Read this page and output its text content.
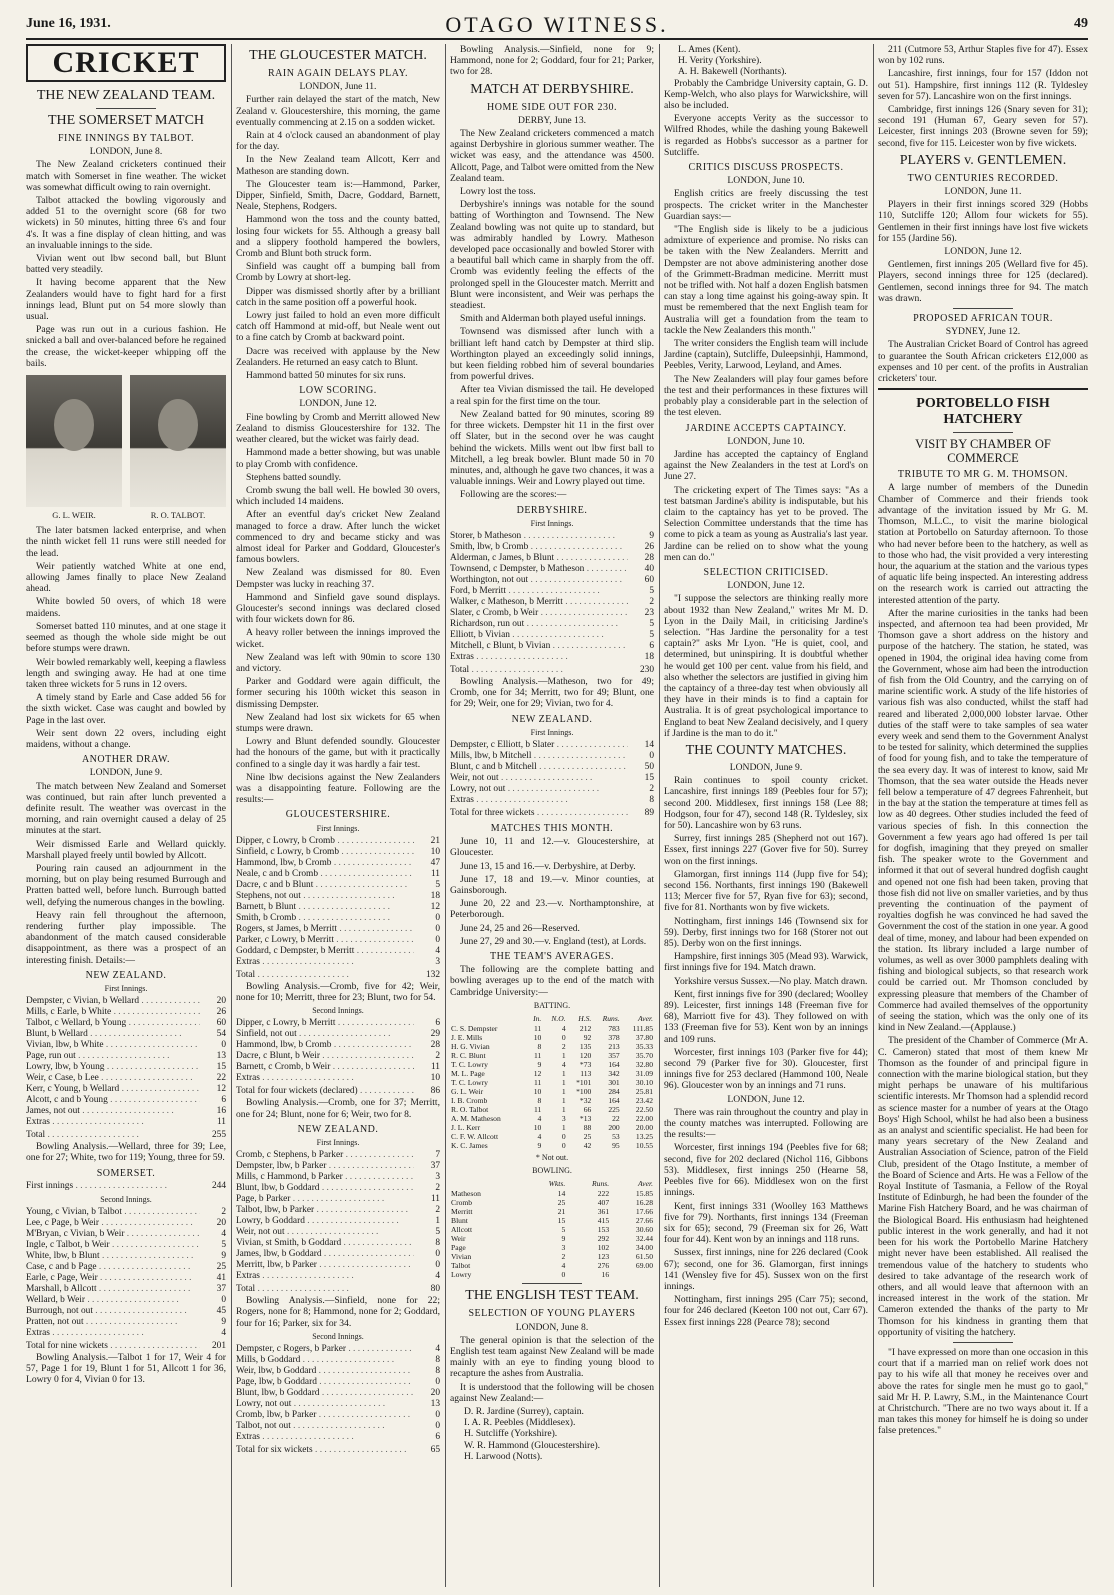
June 16, 1931.	OTAGO WITNESS.	49
CRICKET
THE NEW ZEALAND TEAM.
THE SOMERSET MATCH
FINE INNINGS BY TALBOT.
LONDON, June 8.

The New Zealand cricketers continued their match with Somerset in fine weather. The wicket was somewhat difficult owing to rain overnight.

Talbot attacked the bowling vigorously and added 51 to the overnight score (68 for two wickets) in 50 minutes, hitting three 6's and four 4's. It was a fine display of clean hitting, and was an invaluable innings to the side.

Vivian went out lbw second ball, but Blunt batted very steadily.

It having become apparent that the New Zealanders would have to fight hard for a first innings lead, Blunt put on 54 more slowly than usual.

Page was run out in a curious fashion. He snicked a ball and over-balanced before he regained the crease, the wicket-keeper whipping off the bails.

G. L. WEIR.	R. O. TALBOT.

The later batsmen lacked enterprise, and when the ninth wicket fell 11 runs were still needed for the lead.

Weir patiently watched White at one end, allowing James finally to place New Zealand ahead.

White bowled 50 overs, of which 18 were maidens.

Somerset batted 110 minutes, and at one stage it seemed as though the whole side might be out before stumps were drawn.

Weir bowled remarkably well, keeping a flawless length and swinging away. He had at one time taken three wickets for 5 runs in 12 overs.

A timely stand by Earle and Case added 56 for the sixth wicket. Case was caught and bowled by Page in the last over.

Weir sent down 22 overs, including eight maidens, without a change.

ANOTHER DRAW.
LONDON, June 9.

The match between New Zealand and Somerset was continued, but rain after lunch prevented a definite result. The weather was overcast in the morning, and rain overnight caused a delay of 25 minutes at the start.

Weir dismissed Earle and Wellard quickly. Marshall played freely until bowled by Allcott.

Pouring rain caused an adjournment in the morning, but on play being resumed Burrough and Pratten batted well, before lunch. Burrough batted well, defying the numerous changes in the bowling.

Heavy rain fell throughout the afternoon, rendering further play impossible. The abandonment of the match caused considerable disappointment, as there was a prospect of an interesting finish. Details:—

NEW ZEALAND.
First Innings.
Dempster, c Vivian, b Wellard . . .	20
Mills, c Earle, b White . . .	26
Talbot, c Wellard, b Young . . .	60
Blunt, b Wellard . . .	54
Vivian, lbw, b White . . .	0
Page, run out . . .	13
Lowry, lbw, b Young . . .	15
Weir, c Case, b Lee . . .	22
Kerr, c Young, b Wellard . . .	12
Alcott, c and b Young . . .	6
James, not out . . .	16
Extras . . .	11
Total . . .	255

Bowling Analysis.—Wellard, three for 39; Lee, one for 27; White, two for 119; Young, three for 59.

SOMERSET.
First innings . . .	244
Second Innings.
Young, c Vivian, b Talbot . . .	2
Lee, c Page, b Weir . . .	20
M'Bryan, c Vivian, b Weir . . .	4
Ingle, c Talbot, b Weir . . .	5
White, lbw, b Blunt . . .	9
Case, c and b Page . . .	25
Earle, c Page, Weir . . .	41
Marshall, b Allcott . . .	37
Wellard, b Weir . . .	0
Burrough, not out . . .	45
Pratten, not out . . .	9
Extras . . .	4
Total for nine wickets . . .	201

Bowling Analysis.—Talbot 1 for 17, Weir 4 for 57, Page 1 for 19, Blunt 1 for 51, Allcott 1 for 36, Lowry 0 for 4, Vivian 0 for 13.

THE GLOUCESTER MATCH.
RAIN AGAIN DELAYS PLAY.
LONDON, June 11.

Further rain delayed the start of the match, New Zealand v. Gloucestershire, this morning, the game eventually commencing at 2.15 on a sodden wicket.

Rain at 4 o'clock caused an abandonment of play for the day.

In the New Zealand team Allcott, Kerr and Matheson are standing down.

The Gloucester team is:—Hammond, Parker, Dipper, Sinfield, Smith, Dacre, Goddard, Barnett, Neale, Stephens, Rodgers.

Hammond won the toss and the county batted, losing four wickets for 55. Although a greasy ball and a slippery foothold hampered the bowlers, Cromb and Blunt both struck form.

Sinfield was caught off a bumping ball from Cromb by Lowry at short-leg.

Dipper was dismissed shortly after by a brilliant catch in the same position off a powerful hook.

Lowry just failed to hold an even more difficult catch off Hammond at mid-off, but Neale went out to a fine catch by Cromb at backward point.

Dacre was received with applause by the New Zealanders. He returned an easy catch to Blunt.

Hammond batted 50 minutes for six runs.

LOW SCORING.
LONDON, June 12.

Fine bowling by Cromb and Merritt allowed New Zealand to dismiss Gloucestershire for 132. The weather cleared, but the wicket was fairly dead.

Hammond made a better showing, but was unable to play Cromb with confidence.

Stephens batted soundly.

Cromb swung the ball well. He bowled 30 overs, which included 14 maidens.

After an eventful day's cricket New Zealand managed to force a draw. After lunch the wicket commenced to dry and became sticky and was almost ideal for Parker and Goddard, Gloucester's famous bowlers.

New Zealand was dismissed for 80. Even Dempster was lucky in reaching 37.

Hammond and Sinfield gave sound displays. Gloucester's second innings was declared closed with four wickets down for 86.

A heavy roller between the innings improved the wicket.

New Zealand was left with 90min to score 130 and victory.

Parker and Goddard were again difficult, the former securing his 100th wicket this season in dismissing Dempster.

New Zealand had lost six wickets for 65 when stumps were drawn.

Lowry and Blunt defended soundly. Gloucester had the honours of the game, but with it practically confined to a single day it was hardly a fair test.

Nine lbw decisions against the New Zealanders was a disappointing feature. Following are the results:—

GLOUCESTERSHIRE.
First Innings.
Dipper, c Lowry, b Cromb . . .	21
Sinfield, c Lowry, b Cromb . . .	10
Hammond, lbw, b Cromb . . .	47
Neale, c and b Cromb . . .	11
Dacre, c and b Blunt . . .	5
Stephens, not out . . .	18
Barnett, b Blunt . . .	12
Smith, b Cromb . . .	0
Rogers, st James, b Merritt . . .	0
Parker, c Lowry, b Merritt . . .	0
Goddard, c Dempster, b Merritt . . .	4
Extras . . .	3
Total . . .	132

Bowling Analysis.—Cromb, five for 42; Weir, none for 10; Merritt, three for 23; Blunt, two for 54.

Second Innings.
Dipper, c Lowry, b Merritt . . .	6
Sinfield, not out . . .	29
Hammond, lbw, b Cromb . . .	28
Dacre, c Blunt, b Weir . . .	2
Barnett, c Cromb, b Weir . . .	11
Extras . . .	10
Total for four wickets (declared) . . .	86

Bowling Analysis.—Cromb, one for 37; Merritt, one for 24; Blunt, none for 6; Weir, two for 8.

NEW ZEALAND.
First Innings.
Cromb, c Stephens, b Parker . . .	7
Dempster, lbw, b Parker . . .	37
Mills, c Hammond, b Parker . . .	3
Blunt, lbw, b Goddard . . .	2
Page, b Parker . . .	11
Talbot, lbw, b Parker . . .	2
Lowry, b Goddard . . .	1
Weir, not out . . .	5
Vivian, st Smith, b Goddard . . .	8
James, lbw, b Goddard . . .	0
Merritt, lbw, b Parker . . .	0
Extras . . .	4
Total . . .	80

Bowling Analysis.—Sinfield, none for 22; Rogers, none for 8; Hammond, none for 2; Goddard, four for 16; Parker, six for 34.

Second Innings.
Dempster, c Rogers, b Parker . . .	4
Mills, b Goddard . . .	8
Weir, lbw, b Goddard . . .	8
Page, lbw, b Goddard . . .	0
Blunt, lbw, b Goddard . . .	20
Lowry, not out . . .	13
Cromb, lbw, b Parker . . .	0
Talbot, not out . . .	0
Extras . . .	6
Total for six wickets . . .	65

Bowling Analysis.—Sinfield, none for 9; Hammond, none for 2; Goddard, four for 21; Parker, two for 28.

MATCH AT DERBYSHIRE.
HOME SIDE OUT FOR 230.
DERBY, June 13.

The New Zealand cricketers commenced a match against Derbyshire in glorious summer weather. The wicket was easy, and the attendance was 4500. Allcott, Page, and Talbot were omitted from the New Zealand team.

Lowry lost the toss.

Derbyshire's innings was notable for the sound batting of Worthington and Townsend. The New Zealand bowling was not quite up to standard, but was admirably handled by Lowry. Matheson developed pace occasionally and bowled Storer with a beautiful ball which came in sharply from the off. Cromb was evidently feeling the effects of the prolonged spell in the Gloucester match. Merritt and Blunt were inconsistent, and Weir was perhaps the steadiest.

Smith and Alderman both played useful innings.

Townsend was dismissed after lunch with a brilliant left hand catch by Dempster at third slip. Worthington played an exceedingly solid innings, but keen fielding robbed him of several boundaries from powerful drives.

After tea Vivian dismissed the tail. He developed a real spin for the first time on the tour.

New Zealand batted for 90 minutes, scoring 89 for three wickets. Dempster hit 11 in the first over off Slater, but in the second over he was caught behind the wickets. Mills went out lbw first ball to Mitchell, a leg break bowler. Blunt made 50 in 70 minutes, and, although he gave two chances, it was a valuable innings. Weir and Lowry played out time.

Following are the scores:—

DERBYSHIRE.
First Innings.
Storer, b Matheson . . .	9
Smith, lbw, b Cromb . . .	26
Alderman, c James, b Blunt . . .	28
Townsend, c Dempster, b Matheson . . .	40
Worthington, not out . . .	60
Ford, b Merritt . . .	5
Walker, c Matheson, b Merritt . . .	2
Slater, c Cromb, b Weir . . .	23
Richardson, run out . . .	5
Elliott, b Vivian . . .	5
Mitchell, c Blunt, b Vivian . . .	6
Extras . . .	18
Total . . .	230

Bowling Analysis.—Matheson, two for 49; Cromb, one for 34; Merritt, two for 49; Blunt, one for 29; Weir, one for 29; Vivian, two for 4.

NEW ZEALAND.
First Innings.
Dempster, c Elliott, b Slater . . .	14
Mills, lbw, b Mitchell . . .	0
Blunt, c and b Mitchell . . .	50
Weir, not out . . .	15
Lowry, not out . . .	2
Extras . . .	8
Total for three wickets . . .	89
MATCHES THIS MONTH.

June 10, 11 and 12.—v. Gloucestershire, at Gloucester.

June 13, 15 and 16.—v. Derbyshire, at Derby.

June 17, 18 and 19.—v. Minor counties, at Gainsborough.

June 20, 22 and 23.—v. Northamptonshire, at Peterborough.

June 24, 25 and 26—Reserved.

June 27, 29 and 30.—v. England (test), at Lords.

THE TEAM'S AVERAGES.

The following are the complete batting and bowling averages up to the end of the match with Cambridge University:—

BATTING.
	In.	N.O.	H.S.	Runs.	Aver.
C. S. Dempster	11	4	212	783	111.85
J. E. Mills	10	0	92	378	37.80
H. G. Vivian	8	2	135	213	35.33
R. C. Blunt	11	1	120	357	35.70
T. C. Lowry	9	4	*73	164	32.80
M. L. Page	12	1	113	342	31.09
T. C. Lowry	11	1	*101	301	30.10
G. L. Weir	10	1	*100	284	25.81
I. B. Cromb	8	1	*32	164	23.42
R. O. Talbot	11	1	66	225	22.50
A. M. Matheson	4	3	*13	22	22.00
J. L. Kerr	10	1	88	200	20.00
C. F. W. Allcott	4	0	25	53	13.25
K. C. James	9	0	42	95	10.55
* Not out.
BOWLING.
	Wkts.	Runs.	Aver.
Matheson	14	222	15.85
Cromb	25	407	16.28
Merritt	21	361	17.66
Blunt	15	415	27.66
Allcott	5	153	30.60
Weir	9	292	32.44
Page	3	102	34.00
Vivian	2	123	61.50
Talbot	4	276	69.00
Lowry	0	16	
THE ENGLISH TEST TEAM.
SELECTION OF YOUNG PLAYERS
LONDON, June 8.

The general opinion is that the selection of the English test team against New Zealand will be made mainly with an eye to finding young blood to recapture the ashes from Australia.

It is understood that the following will be chosen against New Zealand:—

D. R. Jardine (Surrey), captain.

I. A. R. Peebles (Middlesex).

H. Sutcliffe (Yorkshire).

W. R. Hammond (Gloucestershire).

H. Larwood (Notts).

L. Ames (Kent).

H. Verity (Yorkshire).

A. H. Bakewell (Northants).

Probably the Cambridge University captain, G. D. Kemp-Welch, who also plays for Warwickshire, will also be included.

Everyone accepts Verity as the successor to Wilfred Rhodes, while the dashing young Bakewell is regarded as Hobbs's successor as a partner for Sutcliffe.

CRITICS DISCUSS PROSPECTS.
LONDON, June 10.

English critics are freely discussing the test prospects. The cricket writer in the Manchester Guardian says:—

"The English side is likely to be a judicious admixture of experience and promise. No risks can be taken with the New Zealanders. Merritt and Dempster are not above administering another dose of the Grimmett-Bradman medicine. Merritt must not be trifled with. Not half a dozen English batsmen can stay a long time against his going-away spin. It must be remembered that the next English team for Australia will get a foundation from the team to tackle the New Zealanders this month."

The writer considers the English team will include Jardine (captain), Sutcliffe, Duleepsinhji, Hammond, Peebles, Verity, Larwood, Leyland, and Ames.

The New Zealanders will play four games before the test and their performances in these fixtures will probably play a considerable part in the selection of the test eleven.

JARDINE ACCEPTS CAPTAINCY.
LONDON, June 10.

Jardine has accepted the captaincy of England against the New Zealanders in the test at Lord's on June 27.

The cricketing expert of The Times says: "As a test batsman Jardine's ability is indisputable, but his claim to the captaincy has yet to be proved. The Selection Committee understands that the time has come to pick a team as young as Australia's last year. Jardine can be relied on to show what the young men can do."

SELECTION CRITICISED.
LONDON, June 12.

"I suppose the selectors are thinking really more about 1932 than New Zealand," writes Mr M. D. Lyon in the Daily Mail, in criticising Jardine's selection. "Has Jardine the personality for a test captain?" asks Mr Lyon. "He is quiet, cool, and determined, but uninspiring. It is doubtful whether he would get 100 per cent. value from his field, and also whether the selectors are justified in giving him the captaincy of a three-day test when obviously all they have in their minds is to find a captain for Australia. It is of great psychological importance to England to beat New Zealand decisively, and I query if Jardine is the man to do it."

THE COUNTY MATCHES.
LONDON, June 9.

Rain continues to spoil county cricket. Lancashire, first innings 189 (Peebles four for 57); second 200. Middlesex, first innings 158 (Lee 88; Hodgson, four for 47), second 148 (R. Tyldesley, six for 50). Lancashire won by 63 runs.

Surrey, first innings 285 (Shepherd not out 167). Essex, first innings 227 (Gover five for 50). Surrey won on the first innings.

Glamorgan, first innings 114 (Jupp five for 54); second 156. Northants, first innings 190 (Bakewell 113; Mercer five for 57, Ryan five for 63); second, five for 81. Northants won by five wickets.

Nottingham, first innings 146 (Townsend six for 59). Derby, first innings two for 168 (Storer not out 85). Derby won on the first innings.

Hampshire, first innings 305 (Mead 93). Warwick, first innings five for 194. Match drawn.

Yorkshire versus Sussex.—No play. Match drawn.

Kent, first innings five for 390 (declared; Woolley 89). Leicester, first innings 148 (Freeman five for 68), Marriott five for 43). They followed on with 133 (Freeman five for 53). Kent won by an innings and 109 runs.

Worcester, first innings 103 (Parker five for 44); second 79 (Parker five for 30). Gloucester, first innings five for 253 declared (Hammond 100, Neale 96). Gloucester won by an innings and 71 runs.

LONDON, June 12.

There was rain throughout the country and play in the county matches was interrupted. Following are the results:—

Worcester, first innings 194 (Peebles five for 68; second, five for 202 declared (Nichol 116, Gibbons 53). Middlesex, first innings 250 (Hearne 58, Peebles five for 66). Middlesex won on the first innings.

Kent, first innings 331 (Woolley 163 Matthews five for 79). Northants, first innings 134 (Freeman six for 65); second, 79 (Freeman six for 26, Watt four for 44). Kent won by an innings and 118 runs.

Sussex, first innings, nine for 226 declared (Cook 67); second, one for 36. Glamorgan, first innings 141 (Wensley five for 45). Sussex won on the first innings.

Nottingham, first innings 295 (Carr 75); second, four for 246 declared (Keeton 100 not out, Carr 67). Essex first innings 228 (Pearce 78); second

211 (Cutmore 53, Arthur Staples five for 47). Essex won by 102 runs.

Lancashire, first innings, four for 157 (Iddon not out 51). Hampshire, first innings 112 (R. Tyldesley seven for 57). Lancashire won on the first innings.

Cambridge, first innings 126 (Snary seven for 31); second 191 (Human 67, Geary seven for 57). Leicester, first innings 203 (Browne seven for 59); second, five for 115. Leicester won by five wickets.

PLAYERS v. GENTLEMEN.
TWO CENTURIES RECORDED.
LONDON, June 11.

Players in their first innings scored 329 (Hobbs 110, Sutcliffe 120; Allom four wickets for 55). Gentlemen in their first innings have lost five wickets for 155 (Jardine 56).

LONDON, June 12.

Gentlemen, first innings 205 (Wellard five for 45). Players, second innings three for 125 (declared). Gentlemen, second innings three for 94. The match was drawn.

PROPOSED AFRICAN TOUR.
SYDNEY, June 12.

The Australian Cricket Board of Control has agreed to guarantee the South African cricketers £12,000 as expenses and 10 per cent. of the profits in Australian cricketers' tour.

PORTOBELLO FISH HATCHERY
VISIT BY CHAMBER OF COMMERCE
TRIBUTE TO MR G. M. THOMSON.

A large number of members of the Dunedin Chamber of Commerce and their friends took advantage of the invitation issued by Mr G. M. Thomson, M.L.C., to visit the marine biological station at Portobello on Saturday afternoon. To those who had never before been to the hatchery, as well as to those who had, the visit provided a very interesting hour, the aquarium at the station and the various types of aquatic life being inspected. An interesting address on the research work is carried out attracting the interested attention of the party.

After the marine curiosities in the tanks had been inspected, and afternoon tea had been provided, Mr Thomson gave a short address on the history and purpose of the hatchery. The station, he stated, was opened in 1904, the original idea having come from the Government, whose aim had been the introduction of fish from the Old Country, and the carrying on of marine scientific work. A study of the life histories of various fish was also conducted, whilst the staff had reared and liberated 2,000,000 lobster larvae. Other duties of the staff were to take samples of sea water every week and send them to the Government Analyst to be tested for salinity, which determined the supplies of food for young fish, and to take the temperature of the sea every day. It was of interest to know, said Mr Thomson, that the sea water outside the Heads never fell below a temperature of 47 degrees Fahrenheit, but in the bay at the station the temperature at times fell as low as 40 degrees. Other studies included the feed of various species of fish. In this connection the Government a few years ago had offered 1s per tail for dogfish, imagining that they preyed on smaller fish. The speaker wrote to the Government and informed it that out of several hundred dogfish caught and opened not one fish had been taken, proving that those fish did not live on smaller varieties, and by thus preventing the continuation of the payment of royalties dogfish he was convinced he had saved the Government the cost of the station in one year. A good deal of time, money, and labour had been expended on the station. Its library included a large number of volumes, as well as over 3000 pamphlets dealing with fishing and biological subjects, so that research work could be carried out. Mr Thomson concluded by expressing pleasure that members of the Chamber of Commerce had availed themselves of the opportunity of seeing the station, which was the only one of its kind in New Zealand.—(Applause.)

The president of the Chamber of Commerce (Mr A. C. Cameron) stated that most of them knew Mr Thomson as the founder of and principal figure in connection with the marine biological station, but they might perhaps be unaware of his multifarious scientific interests. Mr Thomson had a splendid record as science master for a number of years at the Otago Boys' High School, whilst he had also been a business as an analyst and scientific specialist. He had been for many years secretary of the New Zealand and Australian Association of Science, patron of the Field Club, president of the Otago Institute, a member of the Board of Science and Arts. He was a Fellow of the Royal Institute of Tasmania, a Fellow of the Royal Institute of Edinburgh, he had been the founder of the Marine Fish Hatchery Board, and he was chairman of the Biological Board. His enthusiasm had heightened public interest in the work generally, and had it not been for his work the Portobello Marine Hatchery might never have been established. All realised the tremendous value of the hatchery to students who desired to take advantage of the research work of others, and all would leave that afternoon with an increased interest in the work of the station. Mr Cameron extended the thanks of the party to Mr Thomson for his kindness in granting them that opportunity of visiting the hatchery.

"I have expressed on more than one occasion in this court that if a married man on relief work does not pay to his wife all that money he receives over and above the rates for single men he must go to gaol," said Mr H. P. Lawry, S.M., in the Maintenance Court at Christchurch. "There are no two ways about it. If a man takes this money for himself he is doing so under false pretences."
